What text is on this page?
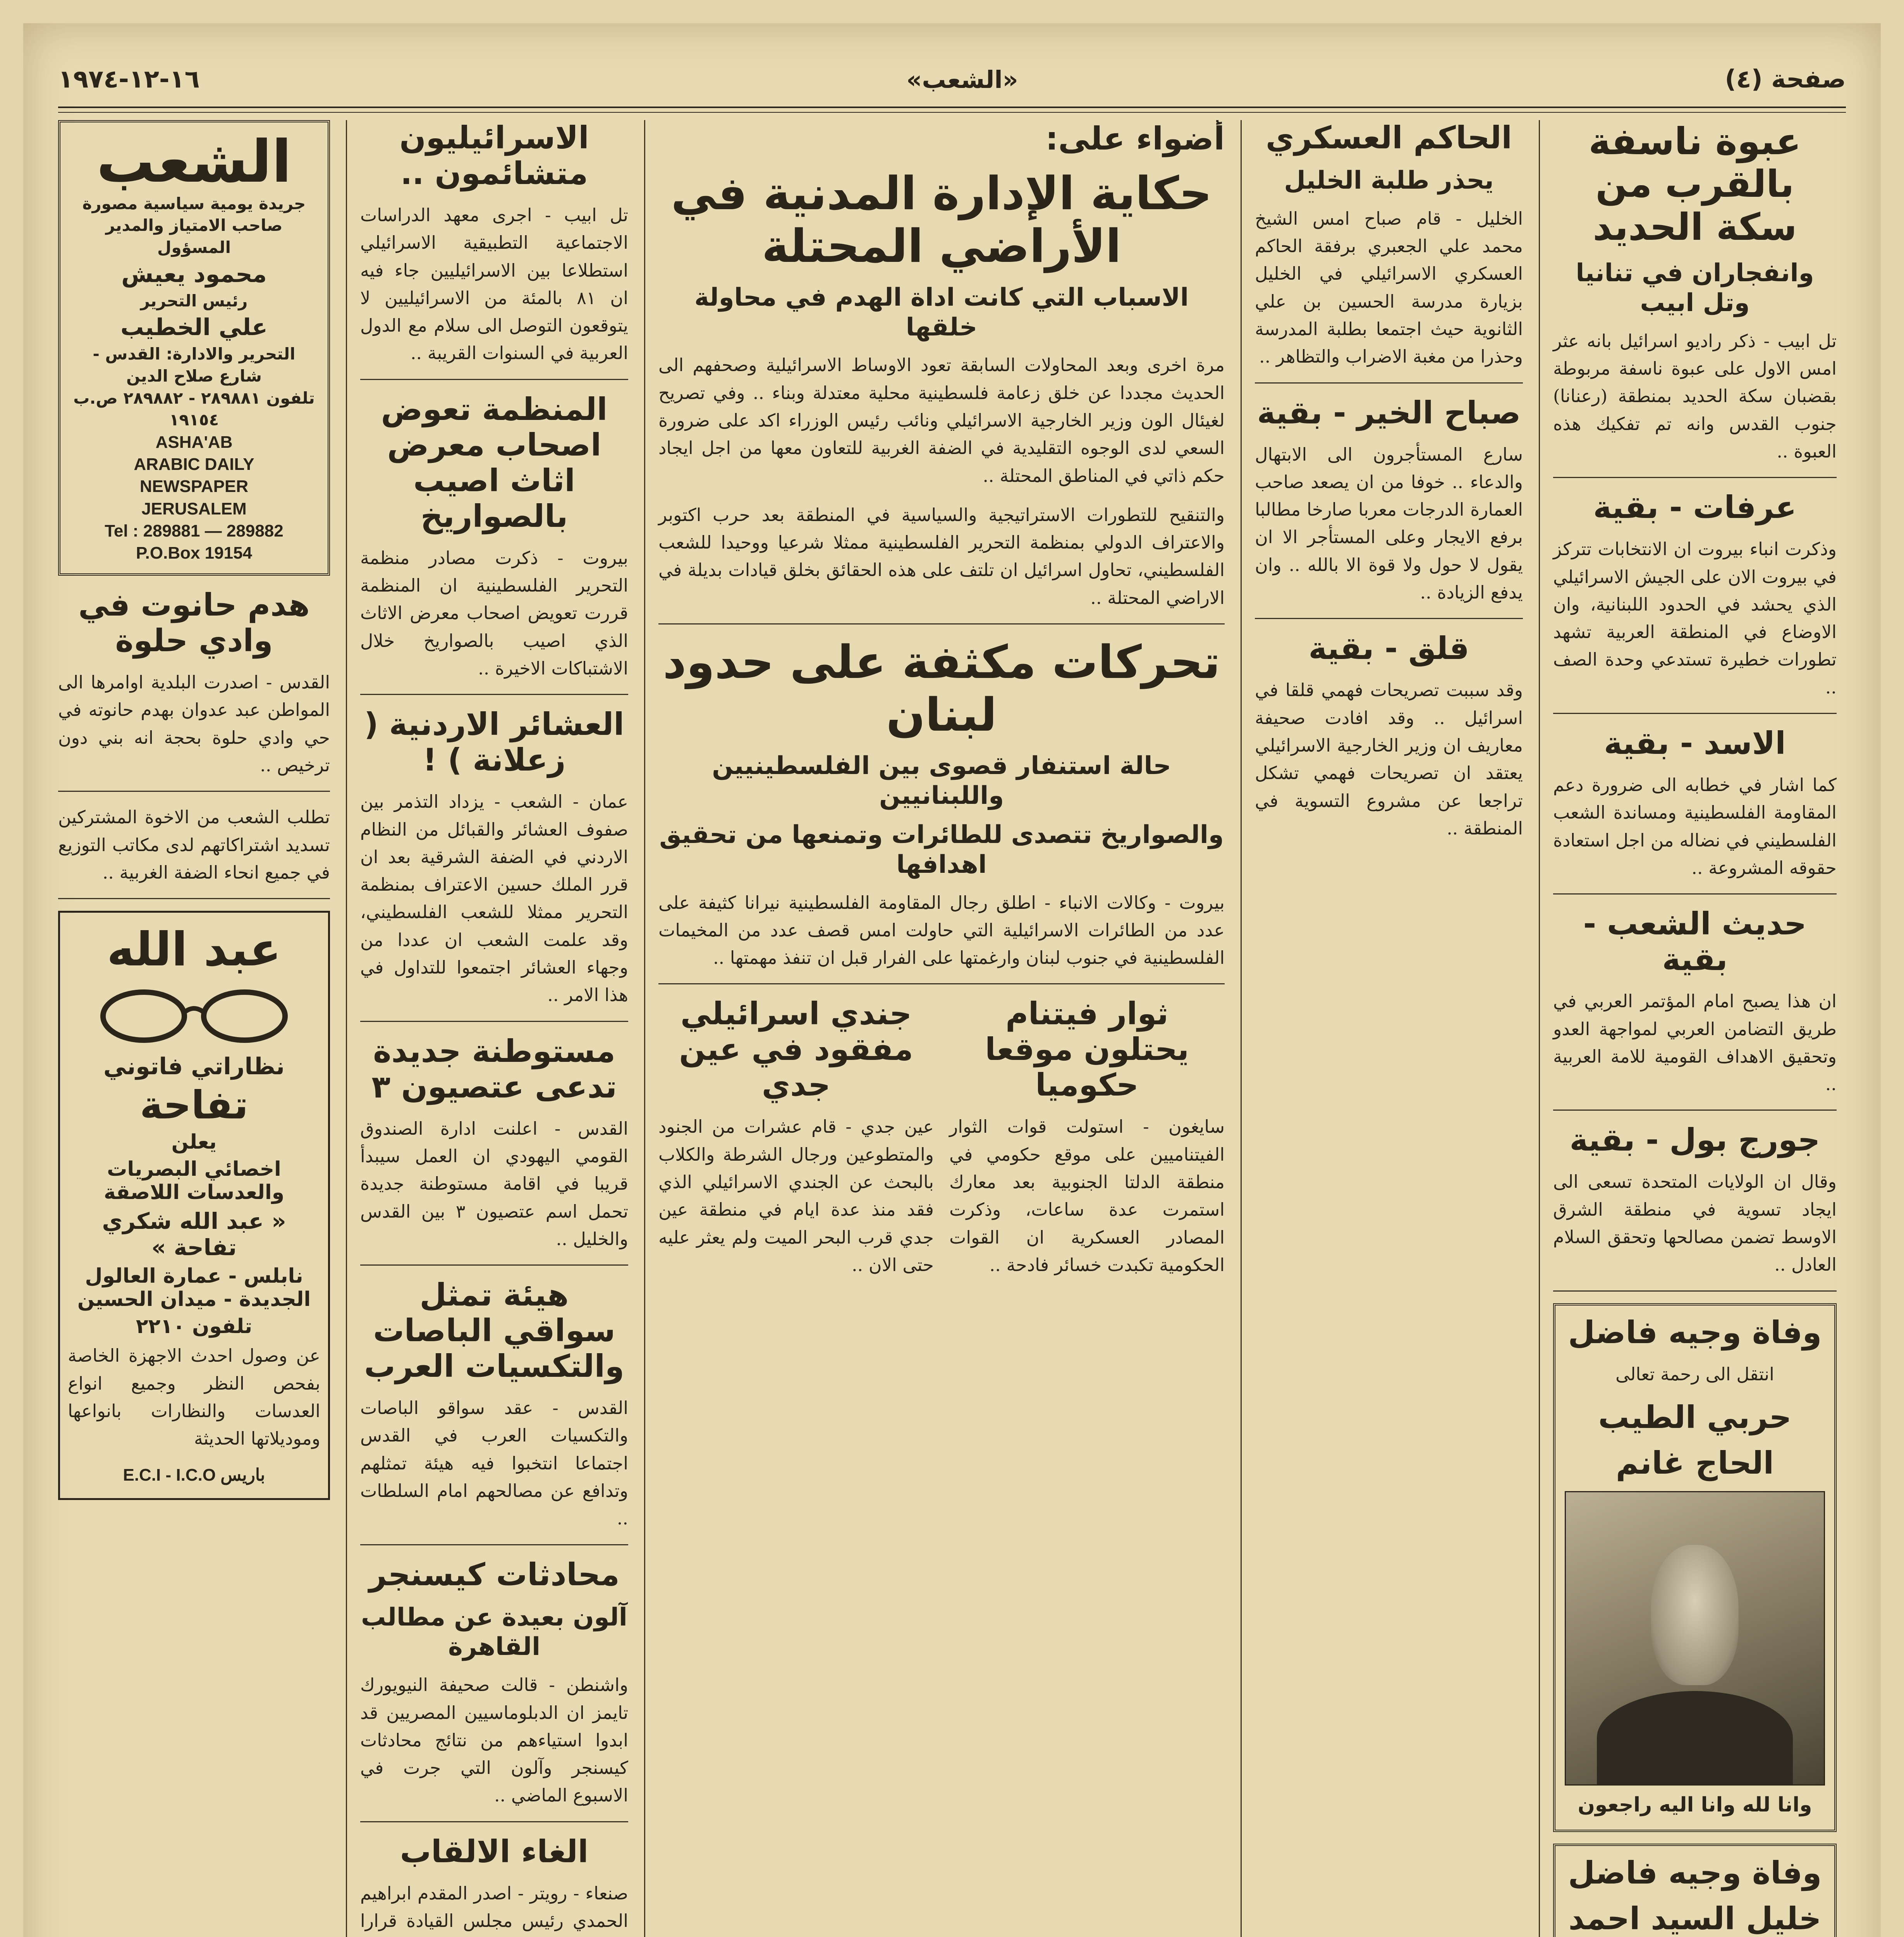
صفحة (٤)
«الشعب»
١٦-١٢-١٩٧٤
عبوة ناسفة بالقرب من سكة الحديد
وانفجاران في تنانيا وتل ابيب

تل ابيب - ذكر راديو اسرائيل بانه عثر امس الاول على عبوة ناسفة مربوطة بقضبان سكة الحديد بمنطقة (رعنانا) جنوب القدس وانه تم تفكيك هذه العبوة ..

عرفات - بقية

وذكرت انباء بيروت ان الانتخابات تتركز في بيروت الان على الجيش الاسرائيلي الذي يحشد في الحدود اللبنانية، وان الاوضاع في المنطقة العربية تشهد تطورات خطيرة تستدعي وحدة الصف ..

الاسد - بقية

كما اشار في خطابه الى ضرورة دعم المقاومة الفلسطينية ومساندة الشعب الفلسطيني في نضاله من اجل استعادة حقوقه المشروعة ..

حديث الشعب - بقية

ان هذا يصبح امام المؤتمر العربي في طريق التضامن العربي لمواجهة العدو وتحقيق الاهداف القومية للامة العربية ..

جورج بول - بقية

وقال ان الولايات المتحدة تسعى الى ايجاد تسوية في منطقة الشرق الاوسط تضمن مصالحها وتحقق السلام العادل ..

وفاة وجيه فاضل
انتقل الى رحمة تعالى
حربي الطيب
الحاج غانم
وانا لله وانا اليه راجعون
وفاة وجيه فاضل
خليل السيد احمد

الحاكم العسكري
يحذر طلبة الخليل

الخليل - قام صباح امس الشيخ محمد علي الجعبري برفقة الحاكم العسكري الاسرائيلي في الخليل بزيارة مدرسة الحسين بن علي الثانوية حيث اجتمعا بطلبة المدرسة وحذرا من مغبة الاضراب والتظاهر ..

صباح الخير - بقية

سارع المستأجرون الى الابتهال والدعاء .. خوفا من ان يصعد صاحب العمارة الدرجات معربا صارخا مطالبا برفع الايجار وعلى المستأجر الا ان يقول لا حول ولا قوة الا بالله .. وان يدفع الزيادة ..

قلق - بقية

وقد سببت تصريحات فهمي قلقا في اسرائيل .. وقد افادت صحيفة معاريف ان وزير الخارجية الاسرائيلي يعتقد ان تصريحات فهمي تشكل تراجعا عن مشروع التسوية في المنطقة ..

أضواء على:
حكاية الإدارة المدنية في الأراضي المحتلة
الاسباب التي كانت اداة الهدم في محاولة خلقها

مرة اخرى وبعد المحاولات السابقة تعود الاوساط الاسرائيلية وصحفهم الى الحديث مجددا عن خلق زعامة فلسطينية محلية معتدلة وبناء .. وفي تصريح لغيئال الون وزير الخارجية الاسرائيلي ونائب رئيس الوزراء اكد على ضرورة السعي لدى الوجوه التقليدية في الضفة الغربية للتعاون معها من اجل ايجاد حكم ذاتي في المناطق المحتلة ..

والتنقيح للتطورات الاستراتيجية والسياسية في المنطقة بعد حرب اكتوبر والاعتراف الدولي بمنظمة التحرير الفلسطينية ممثلا شرعيا ووحيدا للشعب الفلسطيني، تحاول اسرائيل ان تلتف على هذه الحقائق بخلق قيادات بديلة في الاراضي المحتلة ..

تحركات مكثفة على حدود لبنان
حالة استنفار قصوى بين الفلسطينيين واللبنانيين
والصواريخ تتصدى للطائرات وتمنعها من تحقيق اهدافها

بيروت - وكالات الانباء - اطلق رجال المقاومة الفلسطينية نيرانا كثيفة على عدد من الطائرات الاسرائيلية التي حاولت امس قصف عدد من المخيمات الفلسطينية في جنوب لبنان وارغمتها على الفرار قبل ان تنفذ مهمتها ..

ثوار فيتنام يحتلون موقعا حكوميا

سايغون - استولت قوات الثوار الفيتناميين على موقع حكومي في منطقة الدلتا الجنوبية بعد معارك استمرت عدة ساعات، وذكرت المصادر العسكرية ان القوات الحكومية تكبدت خسائر فادحة ..

جندي اسرائيلي مفقود في عين جدي

عين جدي - قام عشرات من الجنود والمتطوعين ورجال الشرطة والكلاب بالبحث عن الجندي الاسرائيلي الذي فقد منذ عدة ايام في منطقة عين جدي قرب البحر الميت ولم يعثر عليه حتى الان ..

الاسرائيليون متشائمون ..

تل ابيب - اجرى معهد الدراسات الاجتماعية التطبيقية الاسرائيلي استطلاعا بين الاسرائيليين جاء فيه ان ٨١ بالمئة من الاسرائيليين لا يتوقعون التوصل الى سلام مع الدول العربية في السنوات القريبة ..

المنظمة تعوض اصحاب معرض اثاث اصيب بالصواريخ

بيروت - ذكرت مصادر منظمة التحرير الفلسطينية ان المنظمة قررت تعويض اصحاب معرض الاثاث الذي اصيب بالصواريخ خلال الاشتباكات الاخيرة ..

العشائر الاردنية ( زعلانة ) !

عمان - الشعب - يزداد التذمر بين صفوف العشائر والقبائل من النظام الاردني في الضفة الشرقية بعد ان قرر الملك حسين الاعتراف بمنظمة التحرير ممثلا للشعب الفلسطيني، وقد علمت الشعب ان عددا من وجهاء العشائر اجتمعوا للتداول في هذا الامر ..

مستوطنة جديدة تدعى عتصيون ٣

القدس - اعلنت ادارة الصندوق القومي اليهودي ان العمل سيبدأ قريبا في اقامة مستوطنة جديدة تحمل اسم عتصيون ٣ بين القدس والخليل ..

هيئة تمثل سواقي الباصات والتكسيات العرب

القدس - عقد سواقو الباصات والتكسيات العرب في القدس اجتماعا انتخبوا فيه هيئة تمثلهم وتدافع عن مصالحهم امام السلطات ..

محادثات كيسنجر
آلون بعيدة عن مطالب القاهرة

واشنطن - قالت صحيفة النيويورك تايمز ان الدبلوماسيين المصريين قد ابدوا استياءهم من نتائج محادثات كيسنجر وآلون التي جرت في الاسبوع الماضي ..

الغاء الالقاب

صنعاء - رويتر - اصدر المقدم ابراهيم الحمدي رئيس مجلس القيادة قرارا

الشعب
جريدة يومية سياسية مصورة
صاحب الامتياز والمدير المسؤول
محمود يعيش
رئيس التحرير
علي الخطيب
التحرير والادارة: القدس - شارع صلاح الدين
تلفون ٢٨٩٨٨١ - ٢٨٩٨٨٢ ص.ب ١٩١٥٤
ASHA'AB
ARABIC DAILY
NEWSPAPER
JERUSALEM
Tel : 289881 — 289882
P.O.Box 19154
هدم حانوت في وادي حلوة

القدس - اصدرت البلدية اوامرها الى المواطن عبد عدوان بهدم حانوته في حي وادي حلوة بحجة انه بني دون ترخيص ..

تطلب الشعب من الاخوة المشتركين تسديد اشتراكاتهم لدى مكاتب التوزيع في جميع انحاء الضفة الغربية ..

عبد الله
نظاراتي فاتوني
تفاحة
يعلن
اخصائي البصريات والعدسات اللاصقة
« عبد الله شكري تفاحة »
نابلس - عمارة العالول الجديدة - ميدان الحسين
تلفون ٢٢١٠

عن وصول احدث الاجهزة الخاصة بفحص النظر وجميع انواع العدسات والنظارات بانواعها وموديلاتها الحديثة

E.C.I - I.C.O باريس
